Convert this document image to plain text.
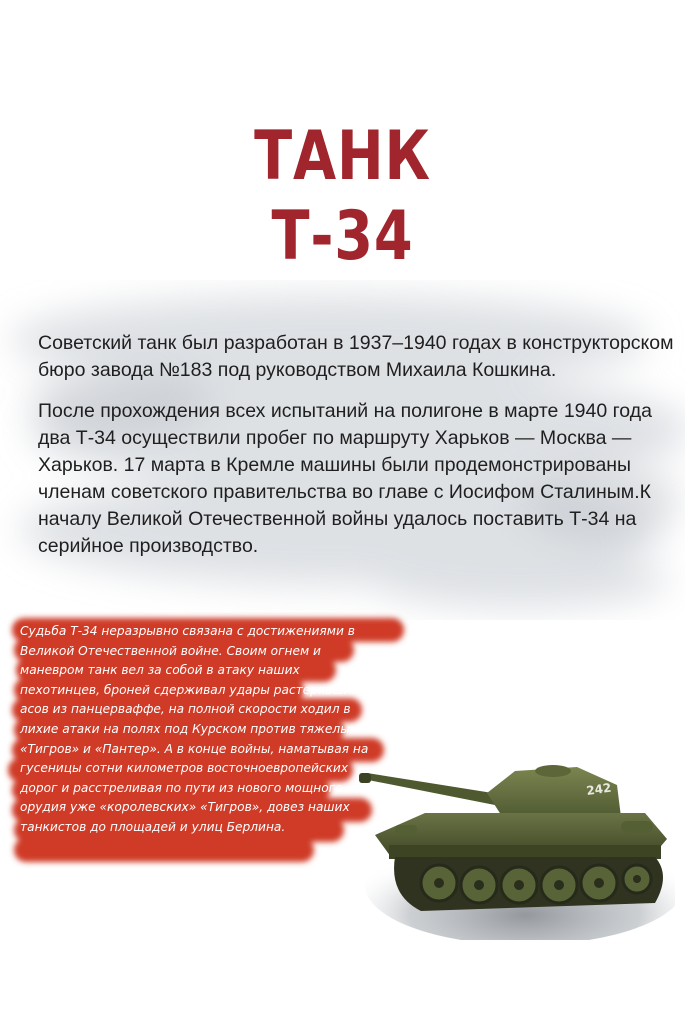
ТАНК
Т-34

Советский танк был разработан в 1937–1940 годах в конструкторском бюро завода №183 под руководством Михаила Кошкина.

После прохождения всех испытаний на полигоне в марте 1940 года два Т-34 осуществили пробег по маршруту Харьков — Москва — Харьков. 17 марта в Кремле машины были продемонстрированы членам советского правительства во главе с Иосифом Сталиным.К началу Великой Отечественной войны удалось поставить Т-34 на серийное производство.

Судьба Т-34 неразрывно связана с достижениями в Великой Отечественной войне. Своим огнем и маневром танк вел за собой в атаку наших пехотинцев, броней сдерживал удары растерявшихся асов из панцерваффе, на полной скорости ходил в лихие атаки на полях под Курском против тяжелых «Тигров» и «Пантер». А в конце войны, наматывая на гусеницы сотни километров восточноевропейских дорог и расстреливая по пути из нового мощного орудия уже «королевских» «Тигров», довез наших танкистов до площадей и улиц Берлина.

242
